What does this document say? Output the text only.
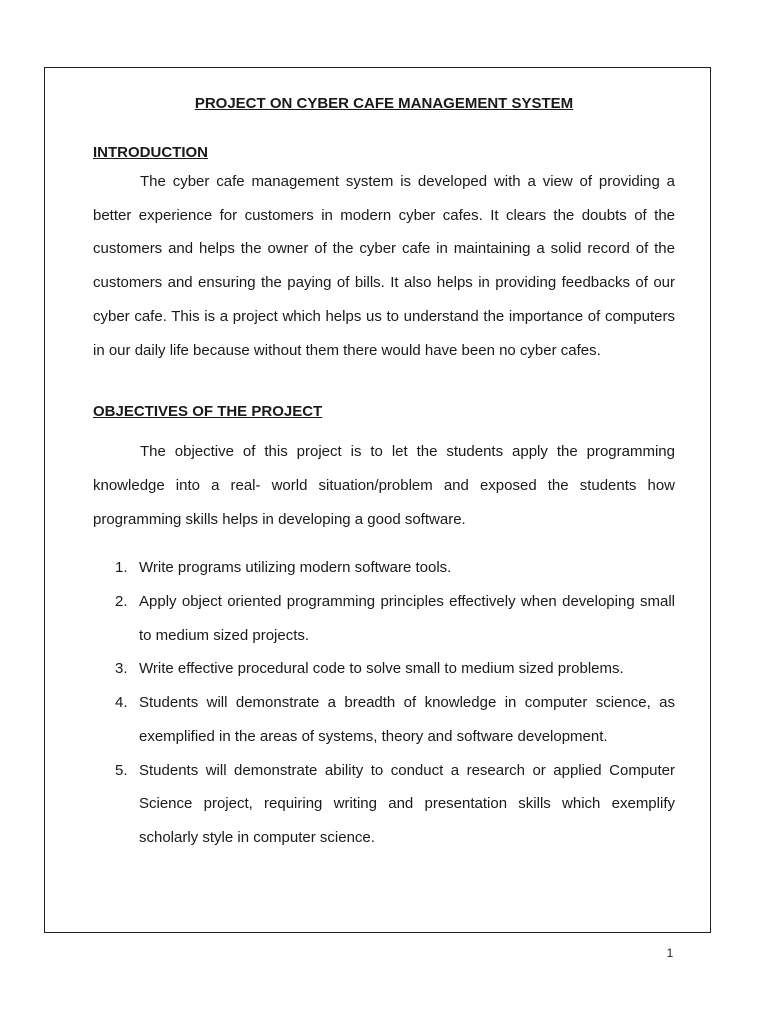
PROJECT ON CYBER CAFE MANAGEMENT SYSTEM
INTRODUCTION

The cyber cafe management system is developed with a view of providing a better experience for customers in modern cyber cafes. It clears the doubts of the customers and helps the owner of the cyber cafe in maintaining a solid record of the customers and ensuring the paying of bills. It also helps in providing feedbacks of our cyber cafe. This is a project which helps us to understand the importance of computers in our daily life because without them there would have been no cyber cafes.

OBJECTIVES OF THE PROJECT

The objective of this project is to let the students apply the programming knowledge into a real- world situation/problem and exposed the students how programming skills helps in developing a good software.

1. Write programs utilizing modern software tools.
2. Apply object oriented programming principles effectively when developing small to medium sized projects.
3. Write effective procedural code to solve small to medium sized problems.
4. Students will demonstrate a breadth of knowledge in computer science, as exemplified in the areas of systems, theory and software development.
5. Students will demonstrate ability to conduct a research or applied Computer Science project, requiring writing and presentation skills which exemplify scholarly style in computer science.
1
